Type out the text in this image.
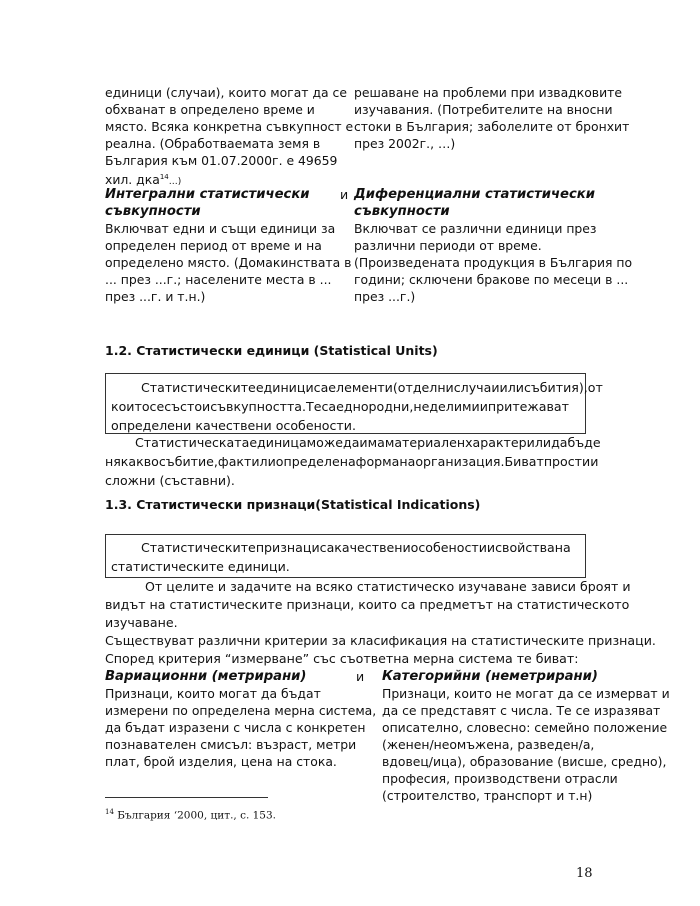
единици (случаи), които могат да се
обхванат в определено време и
място. Всяка конкретна съвкупност е
реална. (Обработваемата земя в
България към 01.07.2000г. е 49659
хил. дка$^{14}$…)
решаване на проблеми при извадковите
изучавания. (Потребителите на вносни
стоки в България; заболелите от бронхит
през 2002г., …)
Интегрални статистически
съвкупности
Включват едни и същи единици за
определен период от време и на
определено място. (Домакинствата в
... през ...г.; населените места в ...
през ...г. и т.н.)
и Диференциални статистически
съвкупности
Включват се различни единици през
различни периоди от време.
(Произведената продукция в България по
години; сключени бракове по месеци в ...
през ...г.)
1.2. Статистически единици (Statistical Units)
Статистическитеединицисаелементи(отделнислучаиилисъбития),от
коитосесъстоисъвкупността.Тесаеднородни,неделимиипритежават
определени качествени особености.
Статистическатаединицаможедаимаматериаленхарактерилидабъде
някаквосъбитие,фактилиопределенаформанаорганизация.Биватпростии
сложни (съставни).
1.3. Статистически признаци(Statistical Indications)
Статистическитепризнацисакачествениособеностиисвойствана
статистическите единици.
От целите и задачите на всяко статистическо изучаване зависи броят и
видът на статистическите признаци, които са предметът на статистическото
изучаване.
Съществуват различни критерии за класификация на статистическите признаци.
Според критерия “измерване” със съответна мерна система те биват:
Вариационни (метрирани)
Признаци, които могат да бъдат
измерени по определена мерна система,
да бъдат изразени с числа с конкретен
познавателен смисъл: възраст, метри
плат, брой изделия, цена на стока.
и Категорийни (неметрирани)
Признаци, които не могат да се измерват и
да се представят с числа. Те се изразяват
описателно, словесно: семейно положение
(женен/неомъжена, разведен/а,
вдовец/ица), образование (висше, средно),
професия, производствени отрасли
(строителство, транспорт и т.н)
$^{14}$ България ‘2000, цит., с. 153.
18
